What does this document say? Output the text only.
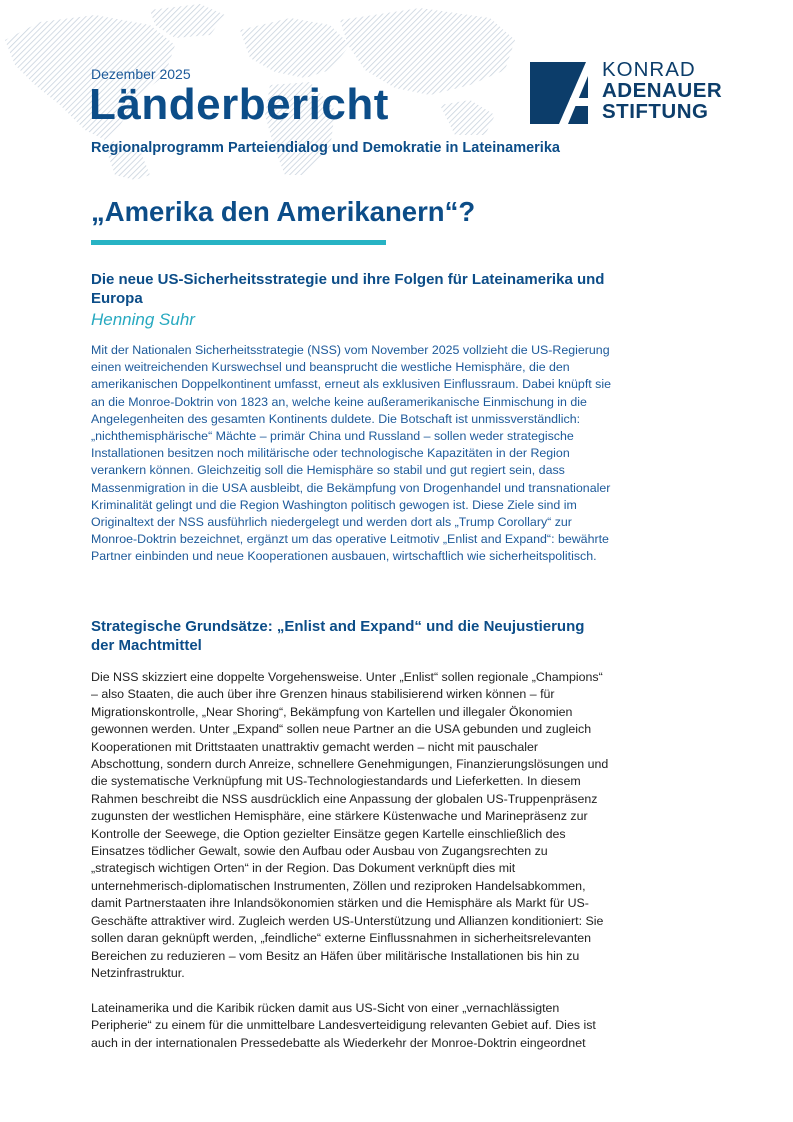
Dezember 2025
Länderbericht
Regionalprogramm Parteiendialog und Demokratie in Lateinamerika
KONRAD
ADENAUER
STIFTUNG
„Amerika den Amerikanern“?
Die neue US-Sicherheitsstrategie und ihre Folgen für Lateinamerika und Europa
Henning Suhr

Mit der Nationalen Sicherheitsstrategie (NSS) vom November 2025 vollzieht die US-Regierung einen weitreichenden Kurswechsel und beansprucht die westliche Hemisphäre, die den amerikanischen Doppelkontinent umfasst, erneut als exklusiven Einflussraum. Dabei knüpft sie an die Monroe-Doktrin von 1823 an, welche keine außeramerikanische Einmischung in die Angelegenheiten des gesamten Kontinents duldete. Die Botschaft ist unmissverständlich: „nichthemisphärische“ Mächte – primär China und Russland – sollen weder strategische Installationen besitzen noch militärische oder technologische Kapazitäten in der Region verankern können. Gleichzeitig soll die Hemisphäre so stabil und gut regiert sein, dass Massenmigration in die USA ausbleibt, die Bekämpfung von Drogenhandel und transnationaler Kriminalität gelingt und die Region Washington politisch gewogen ist. Diese Ziele sind im Originaltext der NSS ausführlich niedergelegt und werden dort als „Trump Corollary“ zur Monroe-Doktrin bezeichnet, ergänzt um das operative Leitmotiv „Enlist and Expand“: bewährte Partner einbinden und neue Kooperationen ausbauen, wirtschaftlich wie sicherheitspolitisch.

Strategische Grundsätze: „Enlist and Expand“ und die Neujustierung der Machtmittel

Die NSS skizziert eine doppelte Vorgehensweise. Unter „Enlist“ sollen regionale „Champions“ – also Staaten, die auch über ihre Grenzen hinaus stabilisierend wirken können – für Migrationskontrolle, „Near Shoring“, Bekämpfung von Kartellen und illegaler Ökonomien gewonnen werden. Unter „Expand“ sollen neue Partner an die USA gebunden und zugleich Kooperationen mit Drittstaaten unattraktiv gemacht werden – nicht mit pauschaler Abschottung, sondern durch Anreize, schnellere Genehmigungen, Finanzierungslösungen und die systematische Verknüpfung mit US-Technologiestandards und Lieferketten. In diesem Rahmen beschreibt die NSS ausdrücklich eine Anpassung der globalen US-Truppenpräsenz zugunsten der westlichen Hemisphäre, eine stärkere Küstenwache und Marinepräsenz zur Kontrolle der Seewege, die Option gezielter Einsätze gegen Kartelle einschließlich des Einsatzes tödlicher Gewalt, sowie den Aufbau oder Ausbau von Zugangsrechten zu „strategisch wichtigen Orten“ in der Region. Das Dokument verknüpft dies mit unternehmerisch-diplomatischen Instrumenten, Zöllen und reziproken Handelsabkommen, damit Partnerstaaten ihre Inlandsökonomien stärken und die Hemisphäre als Markt für US-Geschäfte attraktiver wird. Zugleich werden US-Unterstützung und Allianzen konditioniert: Sie sollen daran geknüpft werden, „feindliche“ externe Einflussnahmen in sicherheitsrelevanten Bereichen zu reduzieren – vom Besitz an Häfen über militärische Installationen bis hin zu Netzinfrastruktur.

Lateinamerika und die Karibik rücken damit aus US-Sicht von einer „vernachlässigten Peripherie“ zu einem für die unmittelbare Landesverteidigung relevanten Gebiet auf. Dies ist auch in der internationalen Pressedebatte als Wiederkehr der Monroe-Doktrin eingeordnet
